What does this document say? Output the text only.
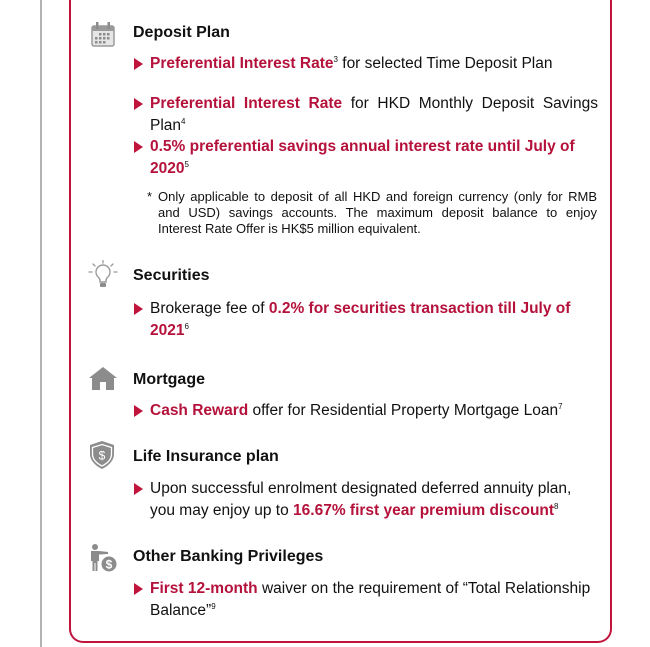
Deposit Plan
Preferential Interest Rate$^3$ for selected Time Deposit Plan
Preferential Interest Rate for HKD Monthly Deposit Savings Plan$^4$
0.5% preferential savings annual interest rate until July of 2020$^5$
* Only applicable to deposit of all HKD and foreign currency (only for RMB and USD) savings accounts. The maximum deposit balance to enjoy Interest Rate Offer is HK$5 million equivalent.
Securities
Brokerage fee of 0.2% for securities transaction till July of 2021$^6$
Mortgage
Cash Reward offer for Residential Property Mortgage Loan$^7$
$ Life Insurance plan
Upon successful enrolment designated deferred annuity plan, you may enjoy up to 16.67% first year premium discount$^8$
$ Other Banking Privileges
First 12-month waiver on the requirement of “Total Relationship Balance”$^9$
